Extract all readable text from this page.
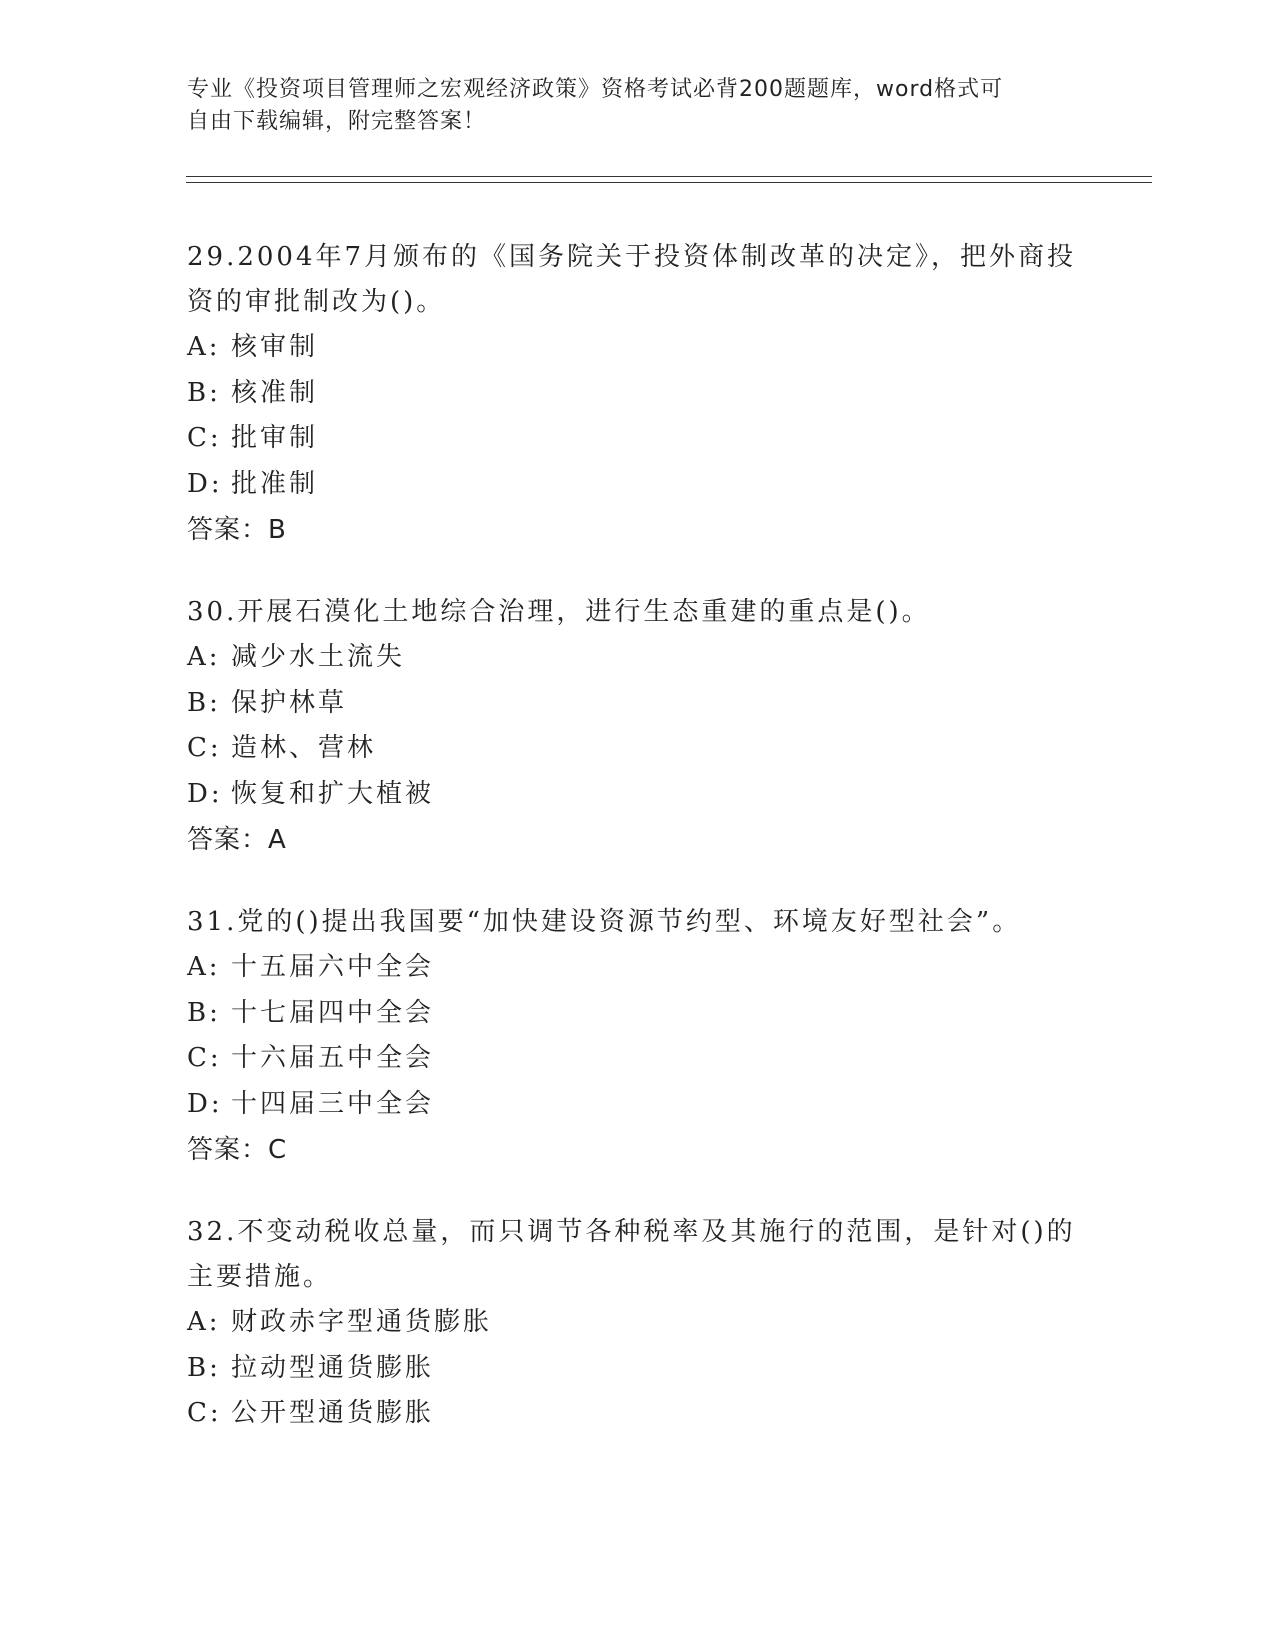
专业《投资项目管理师之宏观经济政策》资格考试必背200题题库，word格式可
自由下载编辑，附完整答案！
29.2004年7月颁布的《国务院关于投资体制改革的决定》，把外商投
资的审批制改为()。
A: 核审制
B: 核准制
C: 批审制
D: 批准制
答案：B
30.开展石漠化土地综合治理，进行生态重建的重点是()。
A: 减少水土流失
B: 保护林草
C: 造林、营林
D: 恢复和扩大植被
答案：A
31.党的()提出我国要“加快建设资源节约型、环境友好型社会”。
A: 十五届六中全会
B: 十七届四中全会
C: 十六届五中全会
D: 十四届三中全会
答案：C
32.不变动税收总量，而只调节各种税率及其施行的范围，是针对()的
主要措施。
A: 财政赤字型通货膨胀
B: 拉动型通货膨胀
C: 公开型通货膨胀
